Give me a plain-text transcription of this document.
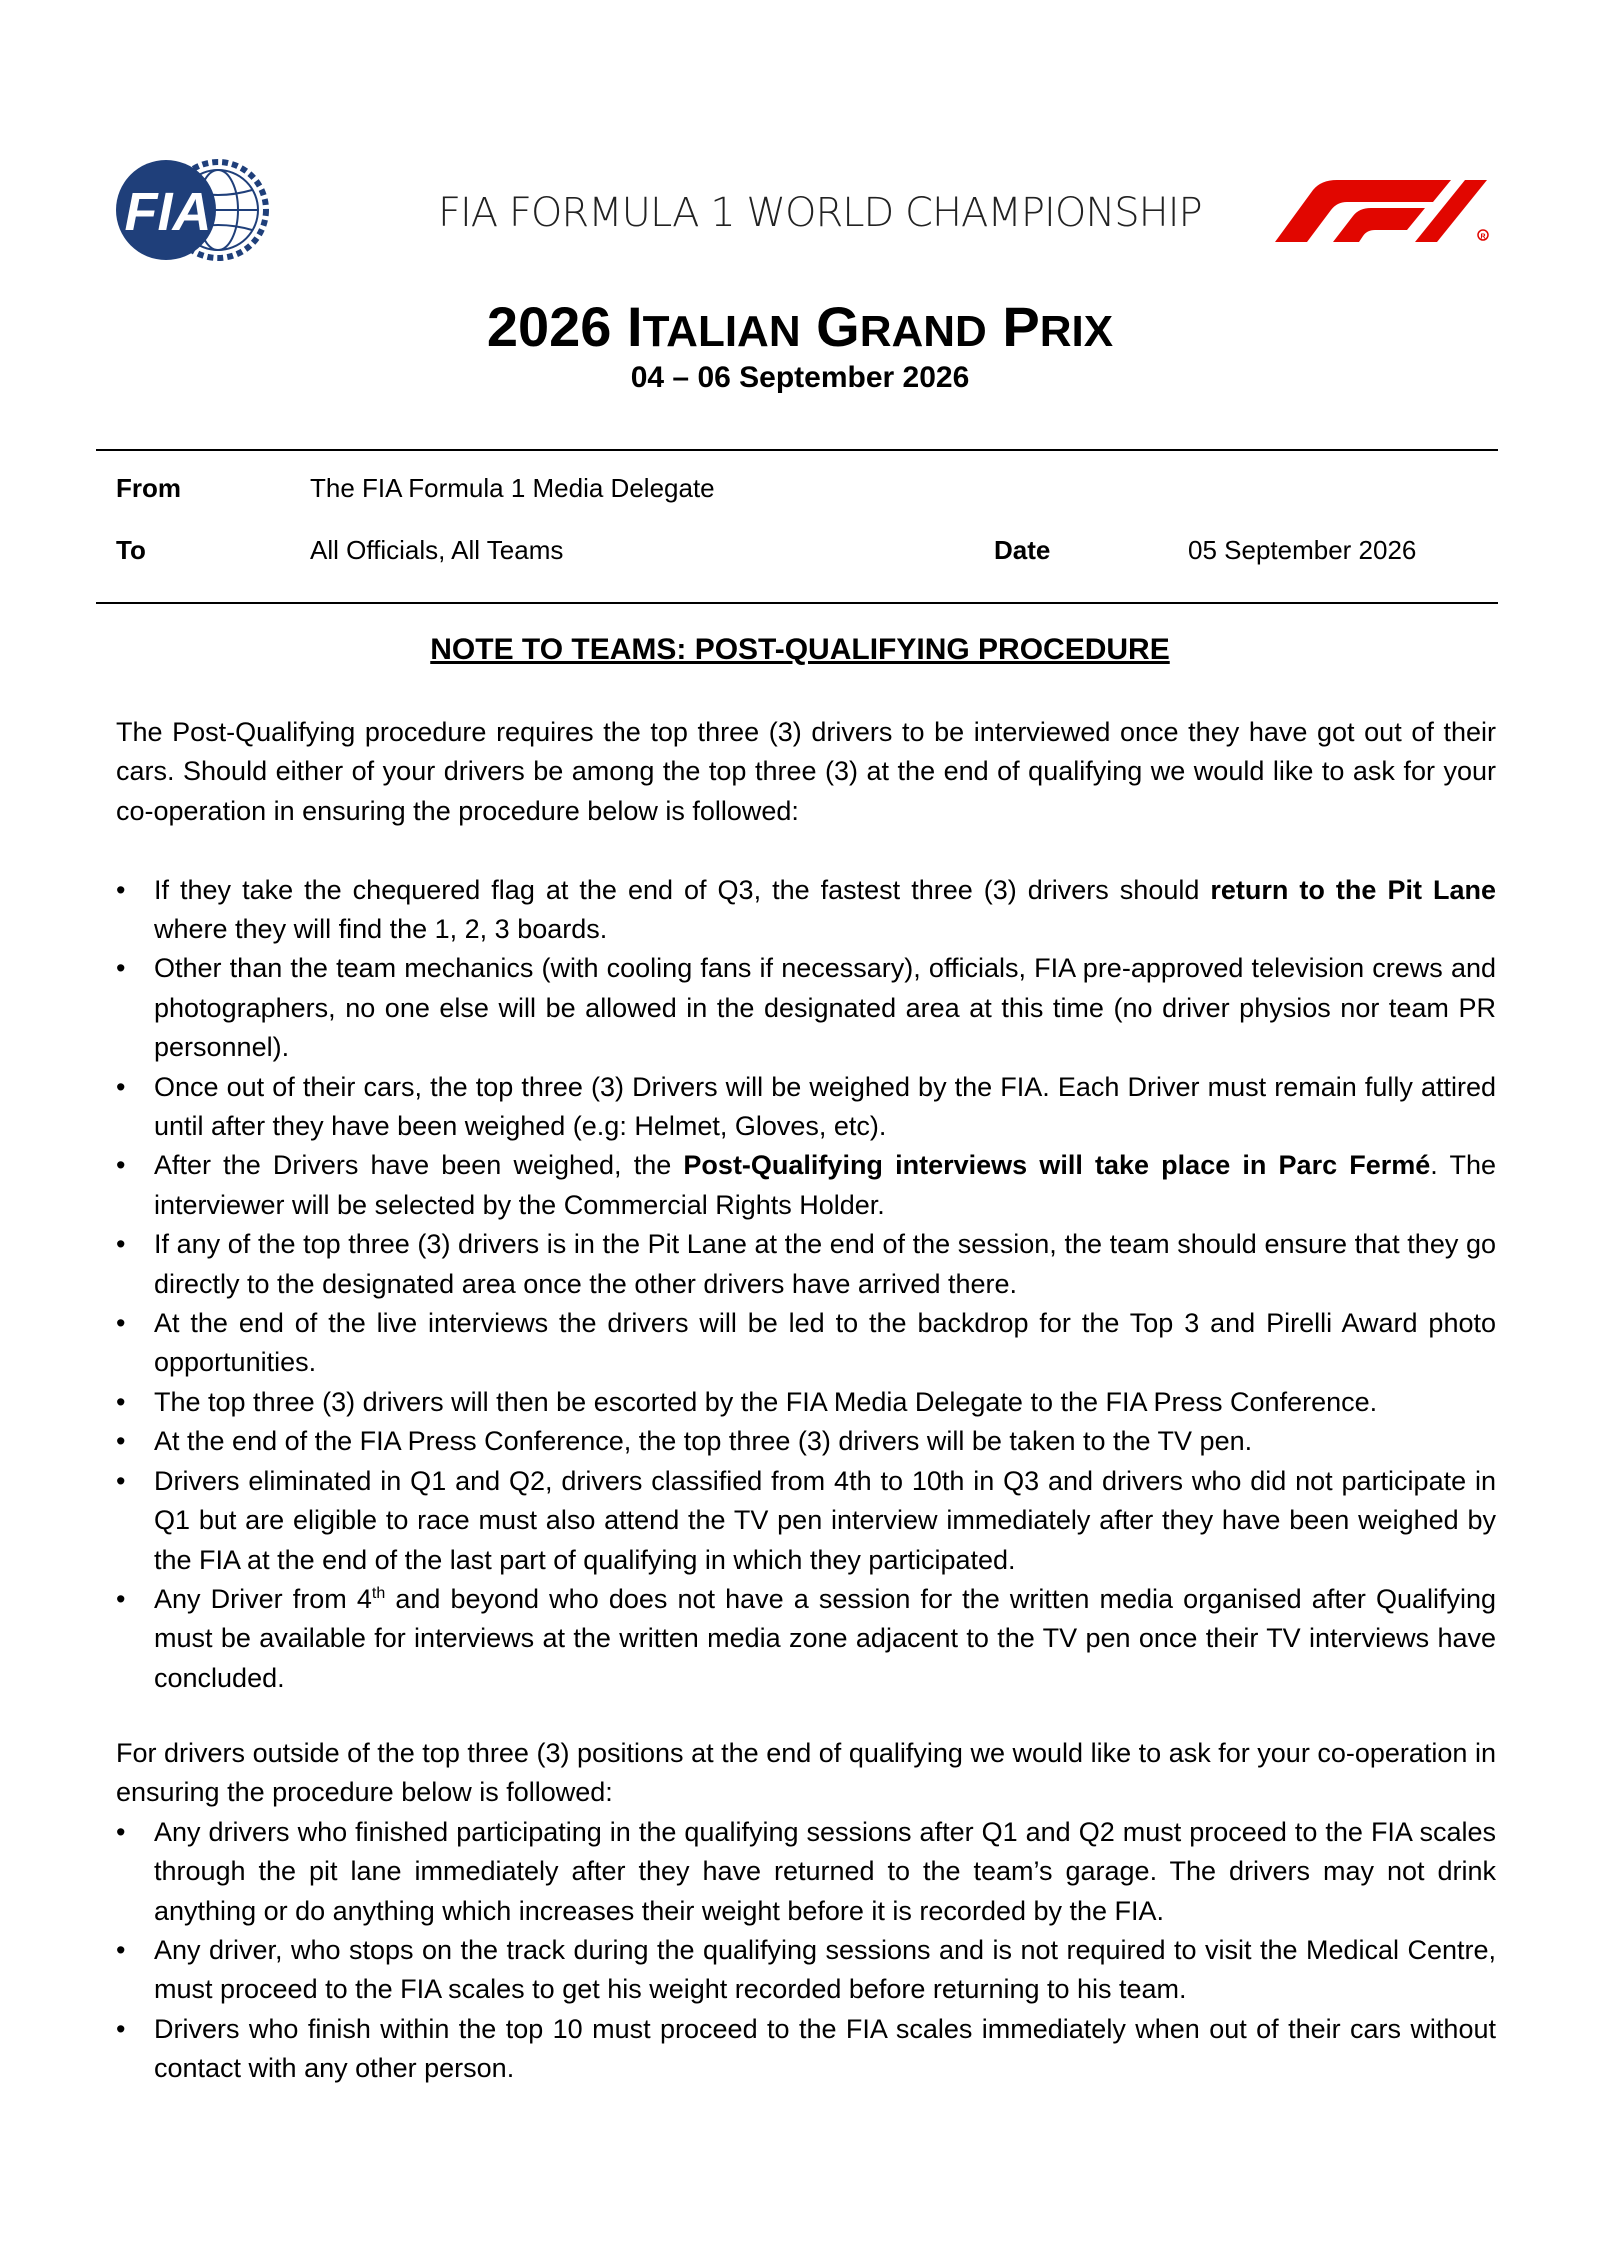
FIA	FIA FORMULA 1 WORLD CHAMPIONSHIP
R
2026 ITALIAN GRAND PRIX
04 – 06 September 2026
From	The FIA Formula 1 Media Delegate
To	All Officials, All Teams	Date	05 September 2026
NOTE TO TEAMS: POST-QUALIFYING PROCEDURE

The Post-Qualifying procedure requires the top three (3) drivers to be interviewed once they have got out of their cars. Should either of your drivers be among the top three (3) at the end of qualifying we would like to ask for your co-operation in ensuring the procedure below is followed:

• If they take the chequered flag at the end of Q3, the fastest three (3) drivers should return to the Pit Lane where they will find the 1, 2, 3 boards.
• Other than the team mechanics (with cooling fans if necessary), officials, FIA pre-approved television crews and photographers, no one else will be allowed in the designated area at this time (no driver physios nor team PR personnel).
• Once out of their cars, the top three (3) Drivers will be weighed by the FIA. Each Driver must remain fully attired until after they have been weighed (e.g: Helmet, Gloves, etc).
• After the Drivers have been weighed, the Post-Qualifying interviews will take place in Parc Fermé. The interviewer will be selected by the Commercial Rights Holder.
• If any of the top three (3) drivers is in the Pit Lane at the end of the session, the team should ensure that they go directly to the designated area once the other drivers have arrived there.
• At the end of the live interviews the drivers will be led to the backdrop for the Top 3 and Pirelli Award photo opportunities.
• The top three (3) drivers will then be escorted by the FIA Media Delegate to the FIA Press Conference.
• At the end of the FIA Press Conference, the top three (3) drivers will be taken to the TV pen.
• Drivers eliminated in Q1 and Q2, drivers classified from 4th to 10th in Q3 and drivers who did not participate in Q1 but are eligible to race must also attend the TV pen interview immediately after they have been weighed by the FIA at the end of the last part of qualifying in which they participated.
• Any Driver from 4th and beyond who does not have a session for the written media organised after Qualifying must be available for interviews at the written media zone adjacent to the TV pen once their TV interviews have concluded.

For drivers outside of the top three (3) positions at the end of qualifying we would like to ask for your co-operation in ensuring the procedure below is followed:

• Any drivers who finished participating in the qualifying sessions after Q1 and Q2 must proceed to the FIA scales through the pit lane immediately after they have returned to the team’s garage. The drivers may not drink anything or do anything which increases their weight before it is recorded by the FIA.
• Any driver, who stops on the track during the qualifying sessions and is not required to visit the Medical Centre, must proceed to the FIA scales to get his weight recorded before returning to his team.
• Drivers who finish within the top 10 must proceed to the FIA scales immediately when out of their cars without contact with any other person.
